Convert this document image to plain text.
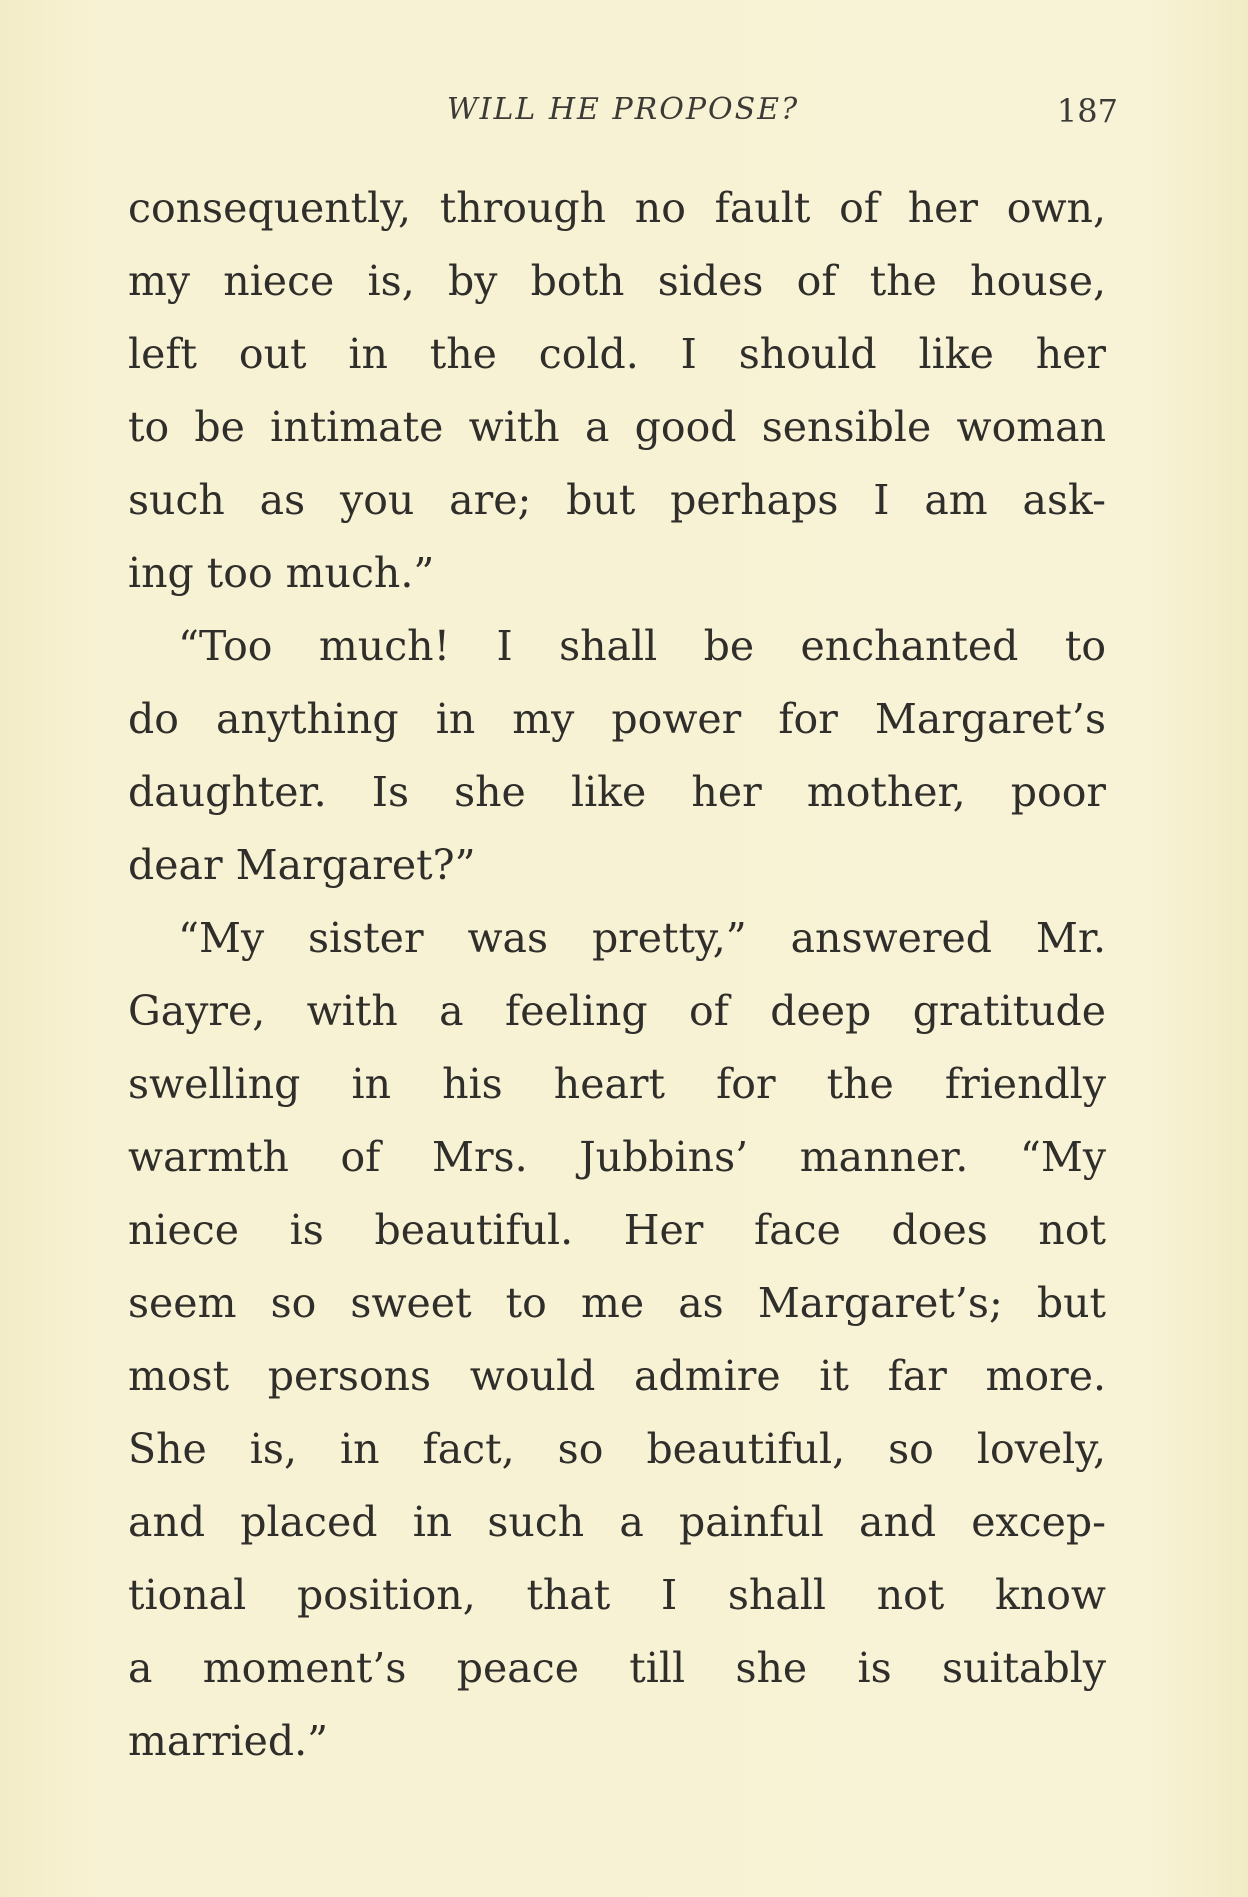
WILL HE PROPOSE?	187
consequently, through no fault of her own,
my niece is, by both sides of the house,
left out in the cold. I should like her
to be intimate with a good sensible woman
such as you are; but perhaps I am ask-
ing too much.”
“Too much! I shall be enchanted to
do anything in my power for Margaret’s
daughter. Is she like her mother, poor
dear Margaret?”
“My sister was pretty,” answered Mr.
Gayre, with a feeling of deep gratitude
swelling in his heart for the friendly
warmth of Mrs. Jubbins’ manner. “My
niece is beautiful. Her face does not
seem so sweet to me as Margaret’s; but
most persons would admire it far more.
She is, in fact, so beautiful, so lovely,
and placed in such a painful and excep-
tional position, that I shall not know
a moment’s peace till she is suitably
married.”
